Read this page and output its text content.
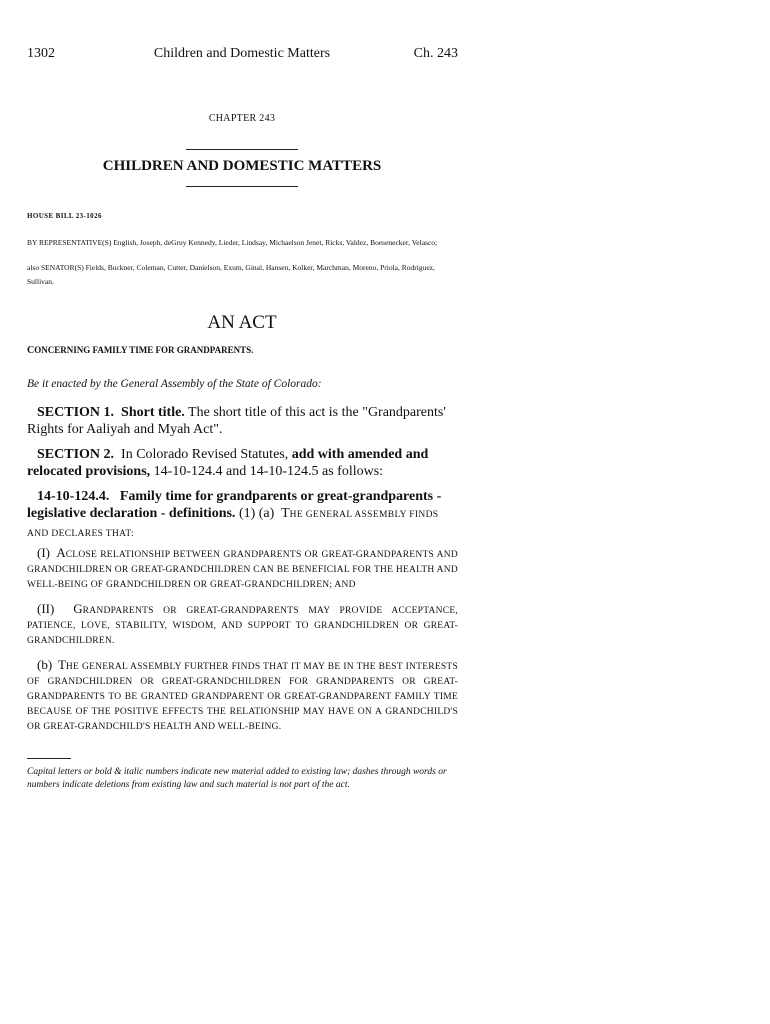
1302	Children and Domestic Matters	Ch. 243
CHAPTER 243
CHILDREN AND DOMESTIC MATTERS
HOUSE BILL 23-1026
BY REPRESENTATIVE(S) English, Joseph, deGruy Kennedy, Lieder, Lindsay, Michaelson Jenet, Ricks, Valdez, Boesenecker, Velasco;
also SENATOR(S) Fields, Buckner, Coleman, Cutter, Danielson, Exum, Ginal, Hansen, Kolker, Marchman, Moreno, Priola, Rodriguez, Sullivan.
AN ACT
CONCERNING FAMILY TIME FOR GRANDPARENTS.
Be it enacted by the General Assembly of the State of Colorado:
SECTION 1. Short title. The short title of this act is the "Grandparents' Rights for Aaliyah and Myah Act".
SECTION 2. In Colorado Revised Statutes, add with amended and relocated provisions, 14-10-124.4 and 14-10-124.5 as follows:
14-10-124.4. Family time for grandparents or great-grandparents - legislative declaration - definitions. (1) (a) THE GENERAL ASSEMBLY FINDS AND DECLARES THAT:
(I) ACLOSE RELATIONSHIP BETWEEN GRANDPARENTS OR GREAT-GRANDPARENTS AND GRANDCHILDREN OR GREAT-GRANDCHILDREN CAN BE BENEFICIAL FOR THE HEALTH AND WELL-BEING OF GRANDCHILDREN OR GREAT-GRANDCHILDREN; AND
(II) GRANDPARENTS OR GREAT-GRANDPARENTS MAY PROVIDE ACCEPTANCE, PATIENCE, LOVE, STABILITY, WISDOM, AND SUPPORT TO GRANDCHILDREN OR GREAT-GRANDCHILDREN.
(b) THE GENERAL ASSEMBLY FURTHER FINDS THAT IT MAY BE IN THE BEST INTERESTS OF GRANDCHILDREN OR GREAT-GRANDCHILDREN FOR GRANDPARENTS OR GREAT-GRANDPARENTS TO BE GRANTED GRANDPARENT OR GREAT-GRANDPARENT FAMILY TIME BECAUSE OF THE POSITIVE EFFECTS THE RELATIONSHIP MAY HAVE ON A GRANDCHILD'S OR GREAT-GRANDCHILD'S HEALTH AND WELL-BEING.
Capital letters or bold & italic numbers indicate new material added to existing law; dashes through words or numbers indicate deletions from existing law and such material is not part of the act.
